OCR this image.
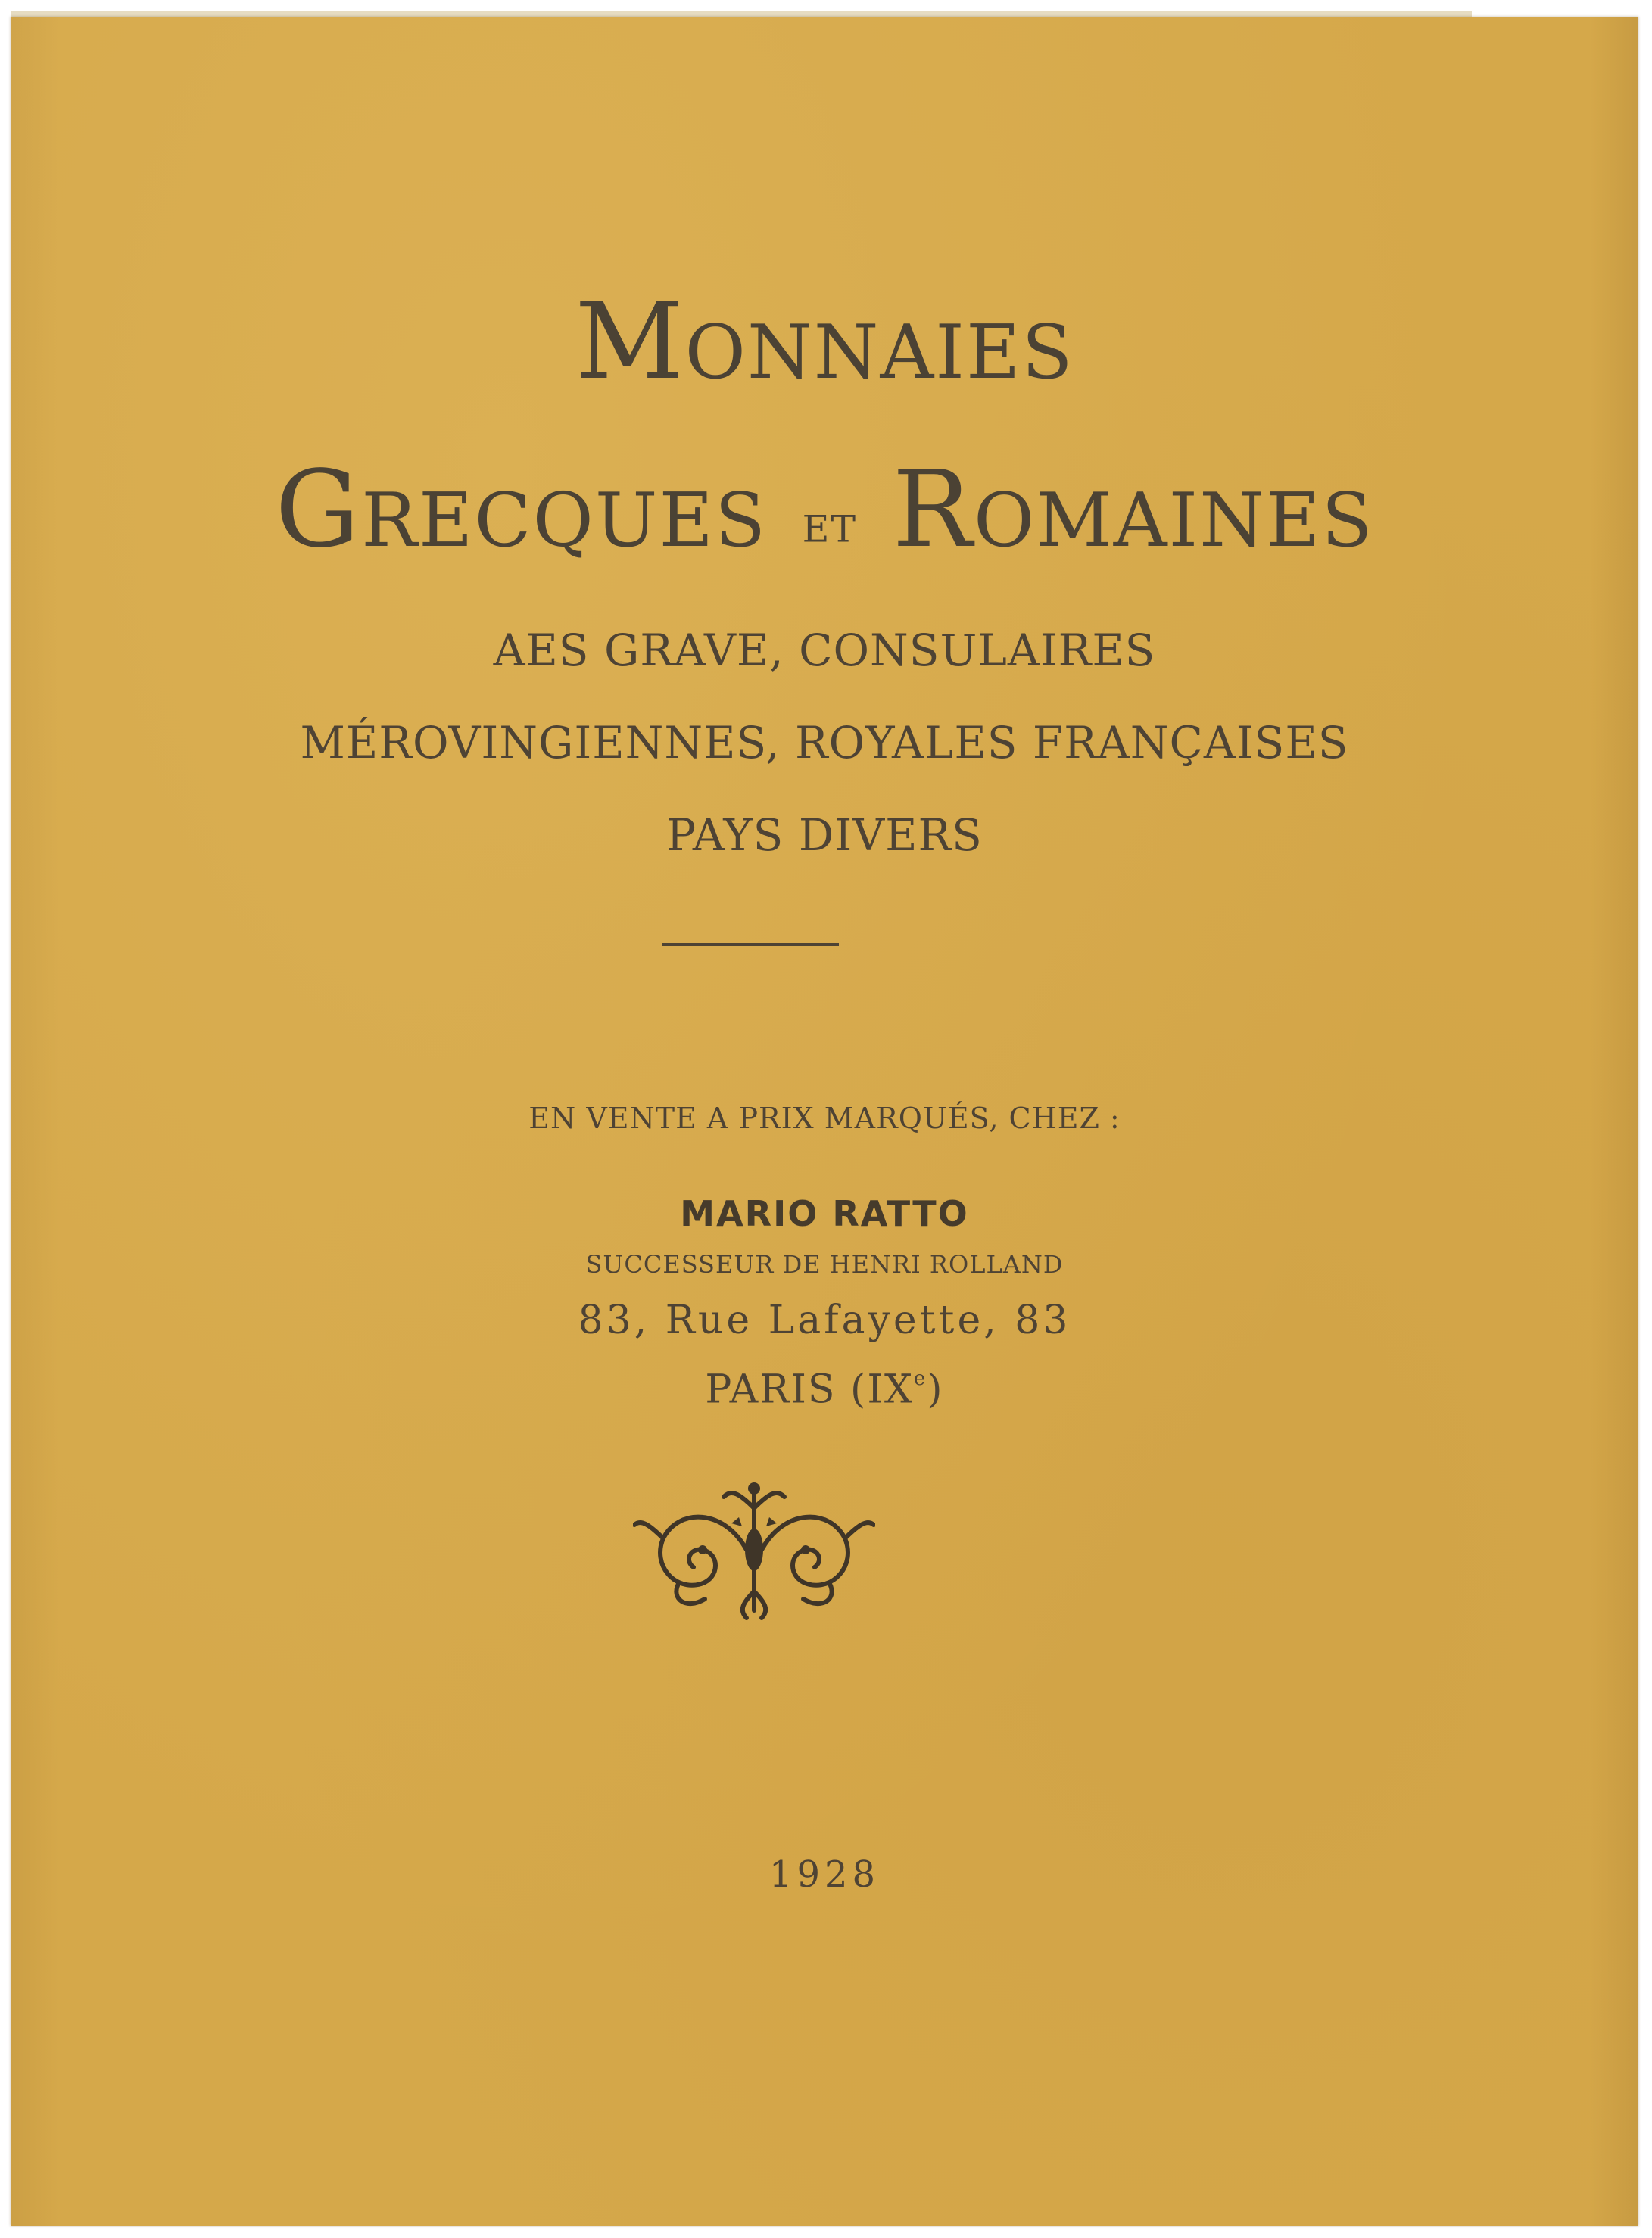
Monnaies
Grecques et Romaines
AES GRAVE, CONSULAIRES
MÉROVINGIENNES, ROYALES FRANÇAISES
PAYS DIVERS
EN VENTE A PRIX MARQUÉS, CHEZ :
MARIO RATTO
SUCCESSEUR DE HENRI ROLLAND
83, Rue Lafayette, 83
PARIS (IXe)
1928
